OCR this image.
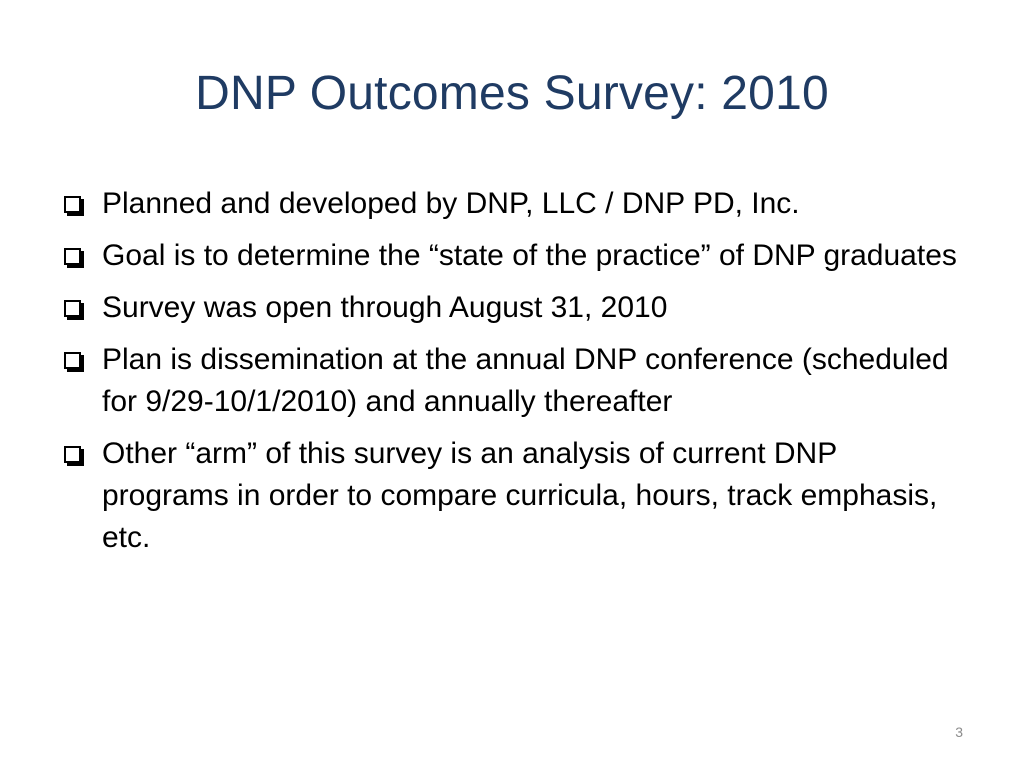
DNP Outcomes Survey: 2010
Planned and developed by DNP, LLC / DNP PD, Inc.
Goal is to determine the “state of the practice” of DNP graduates
Survey was open through August 31, 2010
Plan is dissemination at the annual DNP conference (scheduled for 9/29-10/1/2010) and annually thereafter
Other “arm” of this survey is an analysis of current DNP programs in order to compare curricula, hours, track emphasis, etc.
3
